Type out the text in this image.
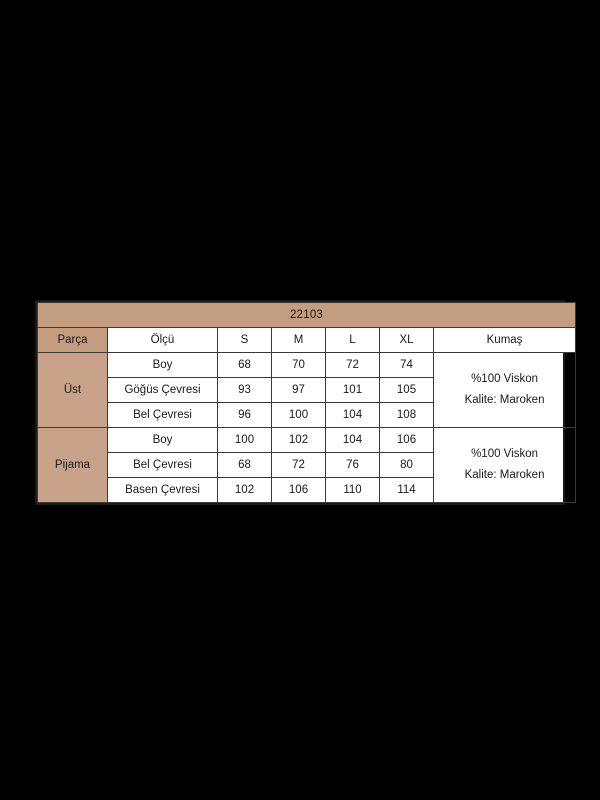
22103						
Parça	Ölçü	S	M	L	XL	Kumaş
Üst	Boy	68	70	72	74	%100 Viskon
Kalite: Maroken

	Göğüs Çevresi	93	97	101	105	
	Bel Çevresi	96	100	104	108	
Pijama	Boy	100	102	104	106	%100 Viskon
Kalite: Maroken

	Bel Çevresi	68	72	76	80	
	Basen Çevresi	102	106	110	114	
